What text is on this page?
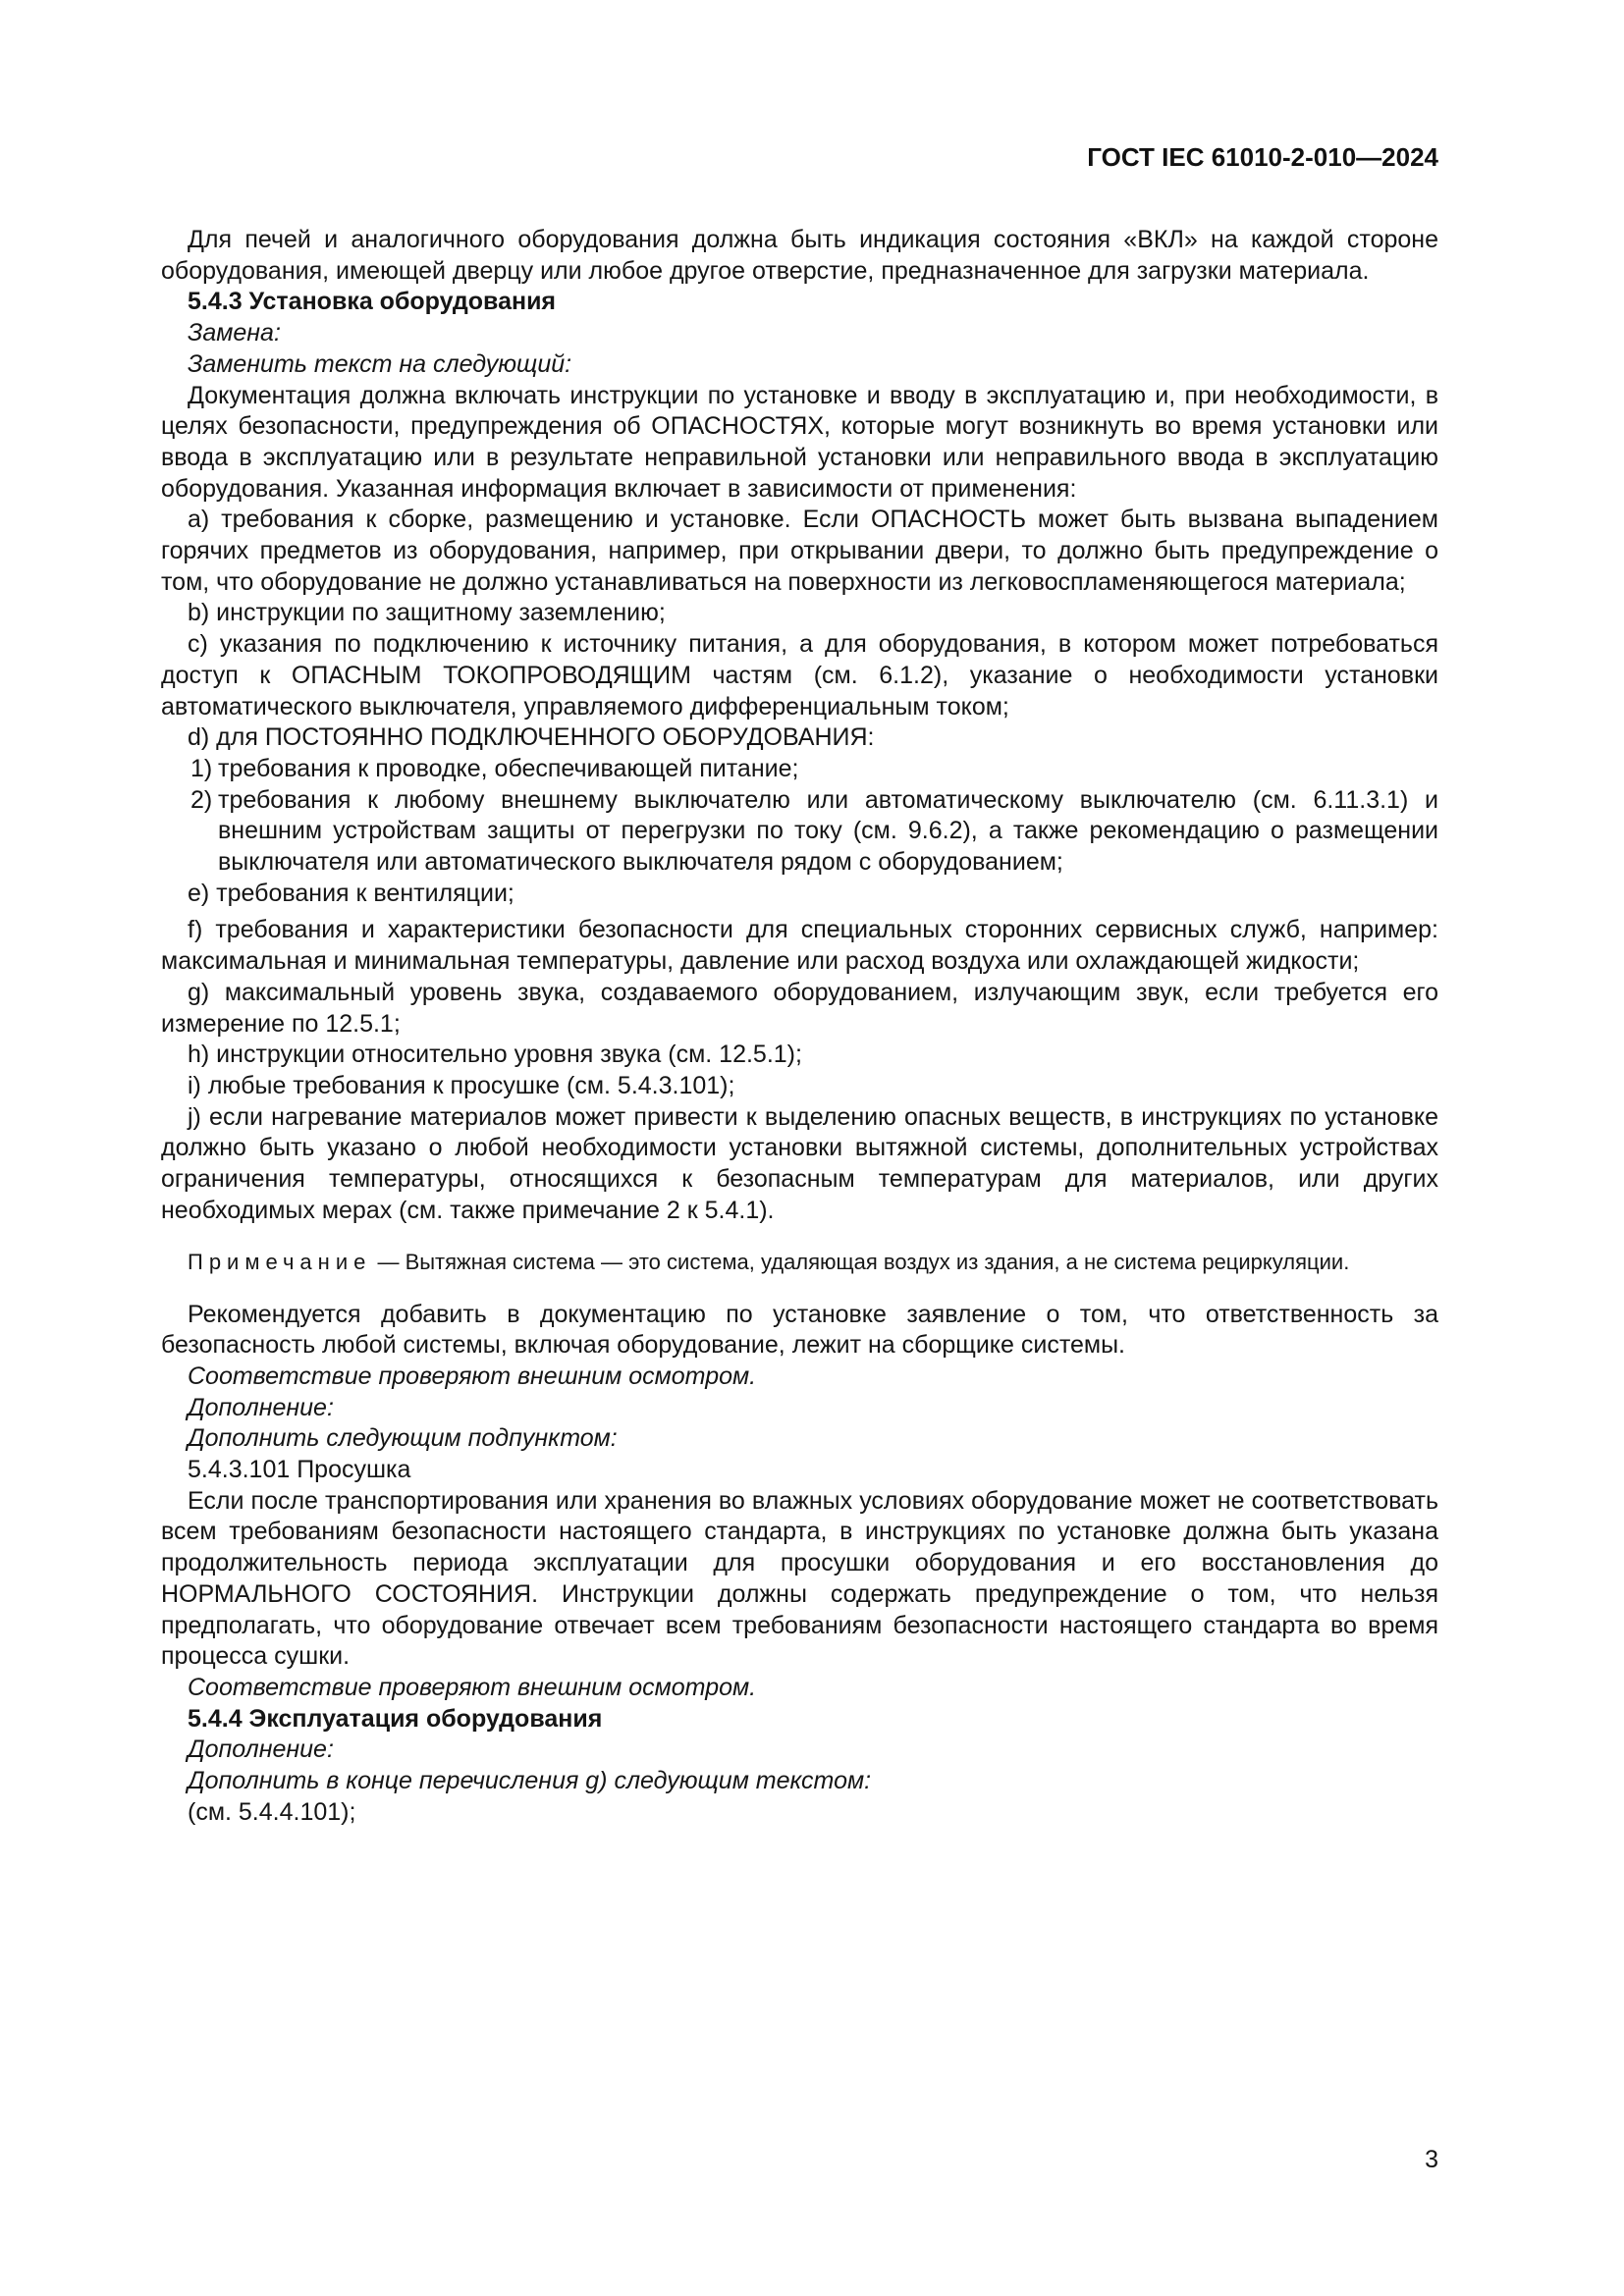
ГОСТ IEC 61010-2-010—2024

Для печей и аналогичного оборудования должна быть индикация состояния «ВКЛ» на каждой стороне оборудования, имеющей дверцу или любое другое отверстие, предназначенное для загрузки материала.

5.4.3 Установка оборудования

Замена:

Заменить текст на следующий:

Документация должна включать инструкции по установке и вводу в эксплуатацию и, при необходимости, в целях безопасности, предупреждения об ОПАСНОСТЯХ, которые могут возникнуть во время установки или ввода в эксплуатацию или в результате неправильной установки или неправильного ввода в эксплуатацию оборудования. Указанная информация включает в зависимости от применения:

a) требования к сборке, размещению и установке. Если ОПАСНОСТЬ может быть вызвана выпадением горячих предметов из оборудования, например, при открывании двери, то должно быть предупреждение о том, что оборудование не должно устанавливаться на поверхности из легковоспламеняющегося материала;

b) инструкции по защитному заземлению;

c) указания по подключению к источнику питания, а для оборудования, в котором может потребоваться доступ к ОПАСНЫМ ТОКОПРОВОДЯЩИМ частям (см. 6.1.2), указание о необходимости установки автоматического выключателя, управляемого дифференциальным током;

d) для ПОСТОЯННО ПОДКЛЮЧЕННОГО ОБОРУДОВАНИЯ:

1) требования к проводке, обеспечивающей питание;

2) требования к любому внешнему выключателю или автоматическому выключателю (см. 6.11.3.1) и внешним устройствам защиты от перегрузки по току (см. 9.6.2), а также рекомендацию о размещении выключателя или автоматического выключателя рядом с оборудованием;

e) требования к вентиляции;

f) требования и характеристики безопасности для специальных сторонних сервисных служб, например: максимальная и минимальная температуры, давление или расход воздуха или охлаждающей жидкости;

g) максимальный уровень звука, создаваемого оборудованием, излучающим звук, если требуется его измерение по 12.5.1;

h) инструкции относительно уровня звука (см. 12.5.1);

i) любые требования к просушке (см. 5.4.3.101);

j) если нагревание материалов может привести к выделению опасных веществ, в инструкциях по установке должно быть указано о любой необходимости установки вытяжной системы, дополнительных устройствах ограничения температуры, относящихся к безопасным температурам для материалов, или других необходимых мерах (см. также примечание 2 к 5.4.1).

Примечание — Вытяжная система — это система, удаляющая воздух из здания, а не система рециркуляции.

Рекомендуется добавить в документацию по установке заявление о том, что ответственность за безопасность любой системы, включая оборудование, лежит на сборщике системы.

Соответствие проверяют внешним осмотром.

Дополнение:

Дополнить следующим подпунктом:

5.4.3.101 Просушка

Если после транспортирования или хранения во влажных условиях оборудование может не соответствовать всем требованиям безопасности настоящего стандарта, в инструкциях по установке должна быть указана продолжительность периода эксплуатации для просушки оборудования и его восстановления до НОРМАЛЬНОГО СОСТОЯНИЯ. Инструкции должны содержать предупреждение о том, что нельзя предполагать, что оборудование отвечает всем требованиям безопасности настоящего стандарта во время процесса сушки.

Соответствие проверяют внешним осмотром.

5.4.4 Эксплуатация оборудования

Дополнение:

Дополнить в конце перечисления g) следующим текстом:

(см. 5.4.4.101);

3
